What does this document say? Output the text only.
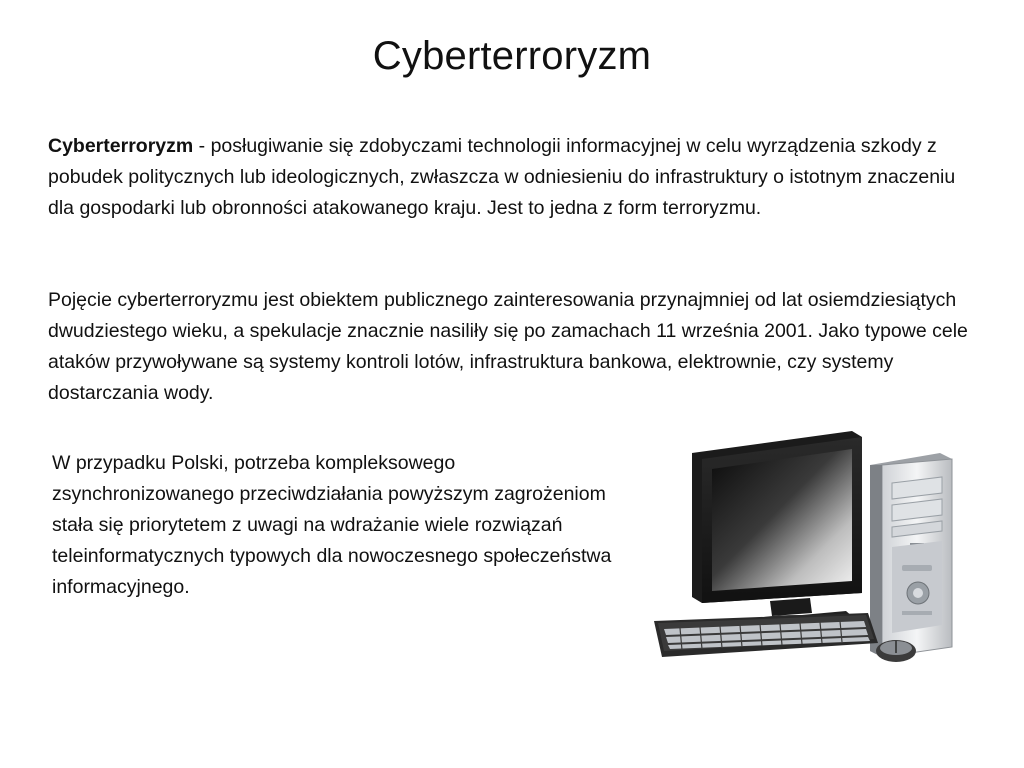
Cyberterroryzm

Cyberterroryzm - posługiwanie się zdobyczami technologii informacyjnej w celu wyrządzenia szkody z pobudek politycznych lub ideologicznych, zwłaszcza w odniesieniu do infrastruktury o istotnym znaczeniu dla gospodarki lub obronności atakowanego kraju. Jest to jedna z form terroryzmu.

Pojęcie cyberterroryzmu jest obiektem publicznego zainteresowania przynajmniej od lat osiemdziesiątych dwudziestego wieku, a spekulacje znacznie nasiliły się po zamachach 11 września 2001. Jako typowe cele ataków przywoływane są systemy kontroli lotów, infrastruktura bankowa, elektrownie, czy systemy dostarczania wody.

W przypadku Polski, potrzeba kompleksowego zsynchronizowanego przeciwdziałania powyższym zagrożeniom stała się priorytetem z uwagi na wdrażanie wiele rozwiązań teleinformatycznych typowych dla nowoczesnego społeczeństwa informacyjnego.
